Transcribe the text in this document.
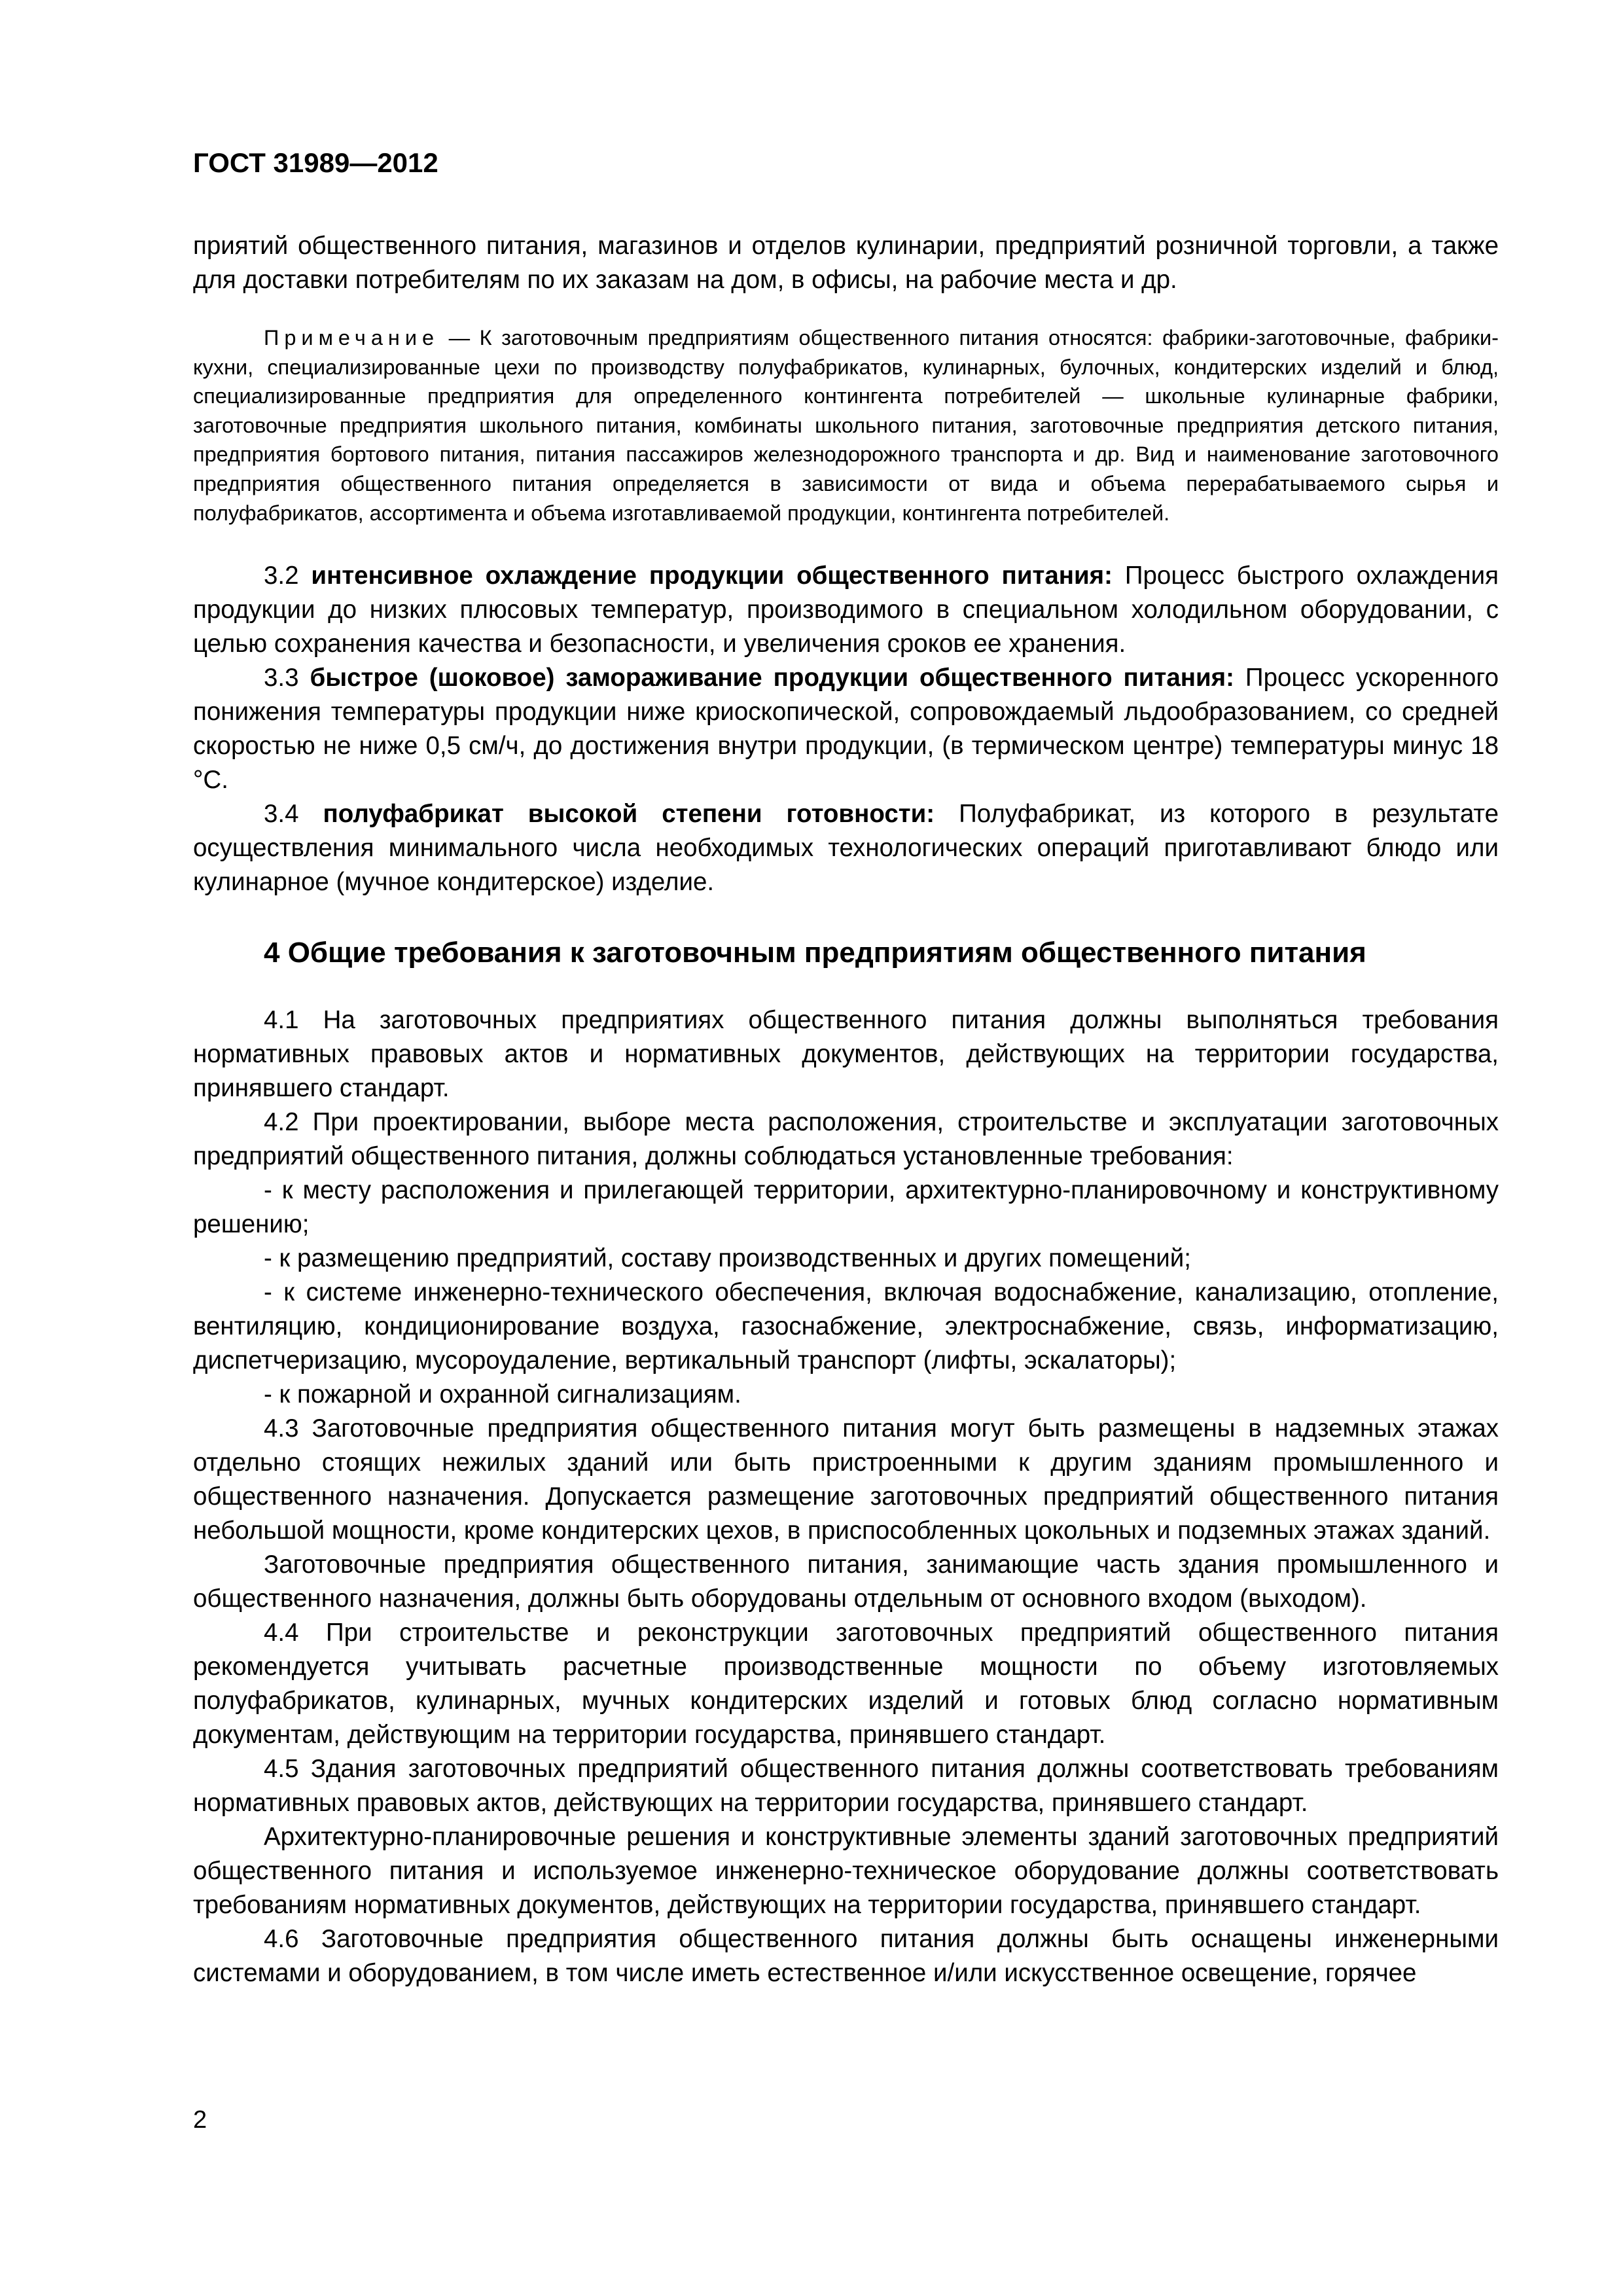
ГОСТ 31989—2012

приятий общественного питания, магазинов и отделов кулинарии, предприятий розничной торговли, а также для доставки потребителям по их заказам на дом, в офисы, на рабочие места и др.

Примечание — К заготовочным предприятиям общественного питания относятся: фабрики-заготовочные, фабрики-кухни, специализированные цехи по производству полуфабрикатов, кулинарных, булочных, кондитерских изделий и блюд, специализированные предприятия для определенного контингента потребителей — школьные кулинарные фабрики, заготовочные предприятия школьного питания, комбинаты школьного питания, заготовочные предприятия детского питания, предприятия бортового питания, питания пассажиров железнодорожного транспорта и др. Вид и наименование заготовочного предприятия общественного питания определяется в зависимости от вида и объема перерабатываемого сырья и полуфабрикатов, ассортимента и объема изготавливаемой продукции, контингента потребителей.

3.2 интенсивное охлаждение продукции общественного питания: Процесс быстрого охлаждения продукции до низких плюсовых температур, производимого в специальном холодильном оборудовании, с целью сохранения качества и безопасности, и увеличения сроков ее хранения.

3.3 быстрое (шоковое) замораживание продукции общественного питания: Процесс ускоренного понижения температуры продукции ниже криоскопической, сопровождаемый льдообразованием, со средней скоростью не ниже 0,5 см/ч, до достижения внутри продукции, (в термическом центре) температуры минус 18 °С.

3.4 полуфабрикат высокой степени готовности: Полуфабрикат, из которого в результате осуществления минимального числа необходимых технологических операций приготавливают блюдо или кулинарное (мучное кондитерское) изделие.

4 Общие требования к заготовочным предприятиям общественного питания

4.1 На заготовочных предприятиях общественного питания должны выполняться требования нормативных правовых актов и нормативных документов, действующих на территории государства, принявшего стандарт.

4.2 При проектировании, выборе места расположения, строительстве и эксплуатации заготовочных предприятий общественного питания, должны соблюдаться установленные требования:

- к месту расположения и прилегающей территории, архитектурно-планировочному и конструктивному решению;

- к размещению предприятий, составу производственных и других помещений;

- к системе инженерно-технического обеспечения, включая водоснабжение, канализацию, отопление, вентиляцию, кондиционирование воздуха, газоснабжение, электроснабжение, связь, информатизацию, диспетчеризацию, мусороудаление, вертикальный транспорт (лифты, эскалаторы);

- к пожарной и охранной сигнализациям.

4.3 Заготовочные предприятия общественного питания могут быть размещены в надземных этажах отдельно стоящих нежилых зданий или быть пристроенными к другим зданиям промышленного и общественного назначения. Допускается размещение заготовочных предприятий общественного питания небольшой мощности, кроме кондитерских цехов, в приспособленных цокольных и подземных этажах зданий.

Заготовочные предприятия общественного питания, занимающие часть здания промышленного и общественного назначения, должны быть оборудованы отдельным от основного входом (выходом).

4.4 При строительстве и реконструкции заготовочных предприятий общественного питания рекомендуется учитывать расчетные производственные мощности по объему изготовляемых полуфабрикатов, кулинарных, мучных кондитерских изделий и готовых блюд согласно нормативным документам, действующим на территории государства, принявшего стандарт.

4.5 Здания заготовочных предприятий общественного питания должны соответствовать требованиям нормативных правовых актов, действующих на территории государства, принявшего стандарт.

Архитектурно-планировочные решения и конструктивные элементы зданий заготовочных предприятий общественного питания и используемое инженерно-техническое оборудование должны соответствовать требованиям нормативных документов, действующих на территории государства, принявшего стандарт.

4.6 Заготовочные предприятия общественного питания должны быть оснащены инженерными системами и оборудованием, в том числе иметь естественное и/или искусственное освещение, горячее

2
